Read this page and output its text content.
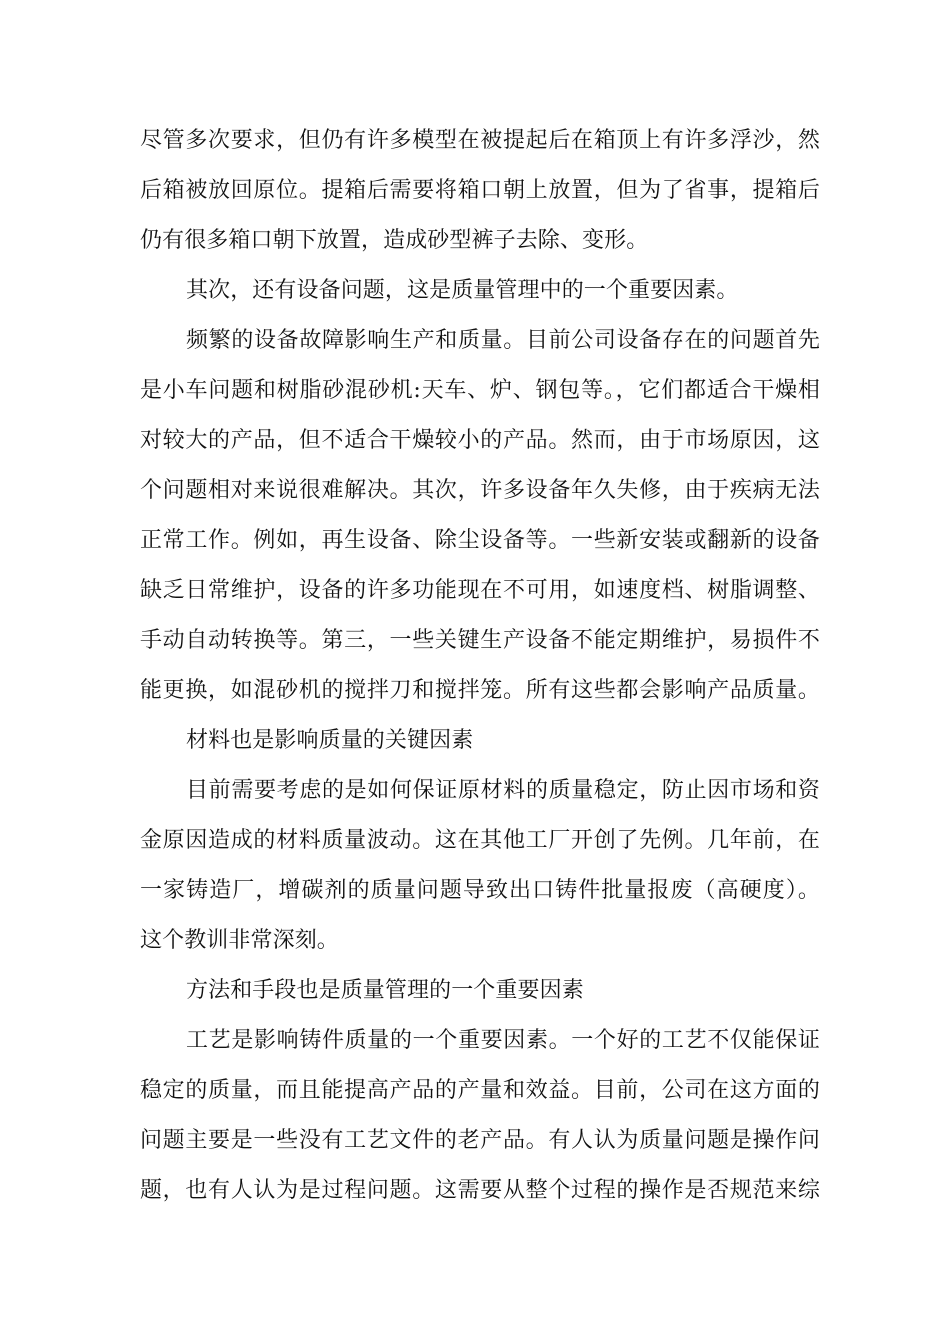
尽管多次要求，但仍有许多模型在被提起后在箱顶上有许多浮沙，然

后箱被放回原位。提箱后需要将箱口朝上放置，但为了省事，提箱后

仍有很多箱口朝下放置，造成砂型裤子去除、变形。

其次，还有设备问题，这是质量管理中的一个重要因素。

频繁的设备故障影响生产和质量。目前公司设备存在的问题首先

是小车问题和树脂砂混砂机:天车、炉、钢包等。，它们都适合干燥相

对较大的产品，但不适合干燥较小的产品。然而，由于市场原因，这

个问题相对来说很难解决。其次，许多设备年久失修，由于疾病无法

正常工作。例如，再生设备、除尘设备等。一些新安装或翻新的设备

缺乏日常维护，设备的许多功能现在不可用，如速度档、树脂调整、

手动自动转换等。第三，一些关键生产设备不能定期维护，易损件不

能更换，如混砂机的搅拌刀和搅拌笼。所有这些都会影响产品质量。

材料也是影响质量的关键因素

目前需要考虑的是如何保证原材料的质量稳定，防止因市场和资

金原因造成的材料质量波动。这在其他工厂开创了先例。几年前，在

一家铸造厂，增碳剂的质量问题导致出口铸件批量报废（高硬度）。

这个教训非常深刻。

方法和手段也是质量管理的一个重要因素

工艺是影响铸件质量的一个重要因素。一个好的工艺不仅能保证

稳定的质量，而且能提高产品的产量和效益。目前，公司在这方面的

问题主要是一些没有工艺文件的老产品。有人认为质量问题是操作问

题，也有人认为是过程问题。这需要从整个过程的操作是否规范来综
